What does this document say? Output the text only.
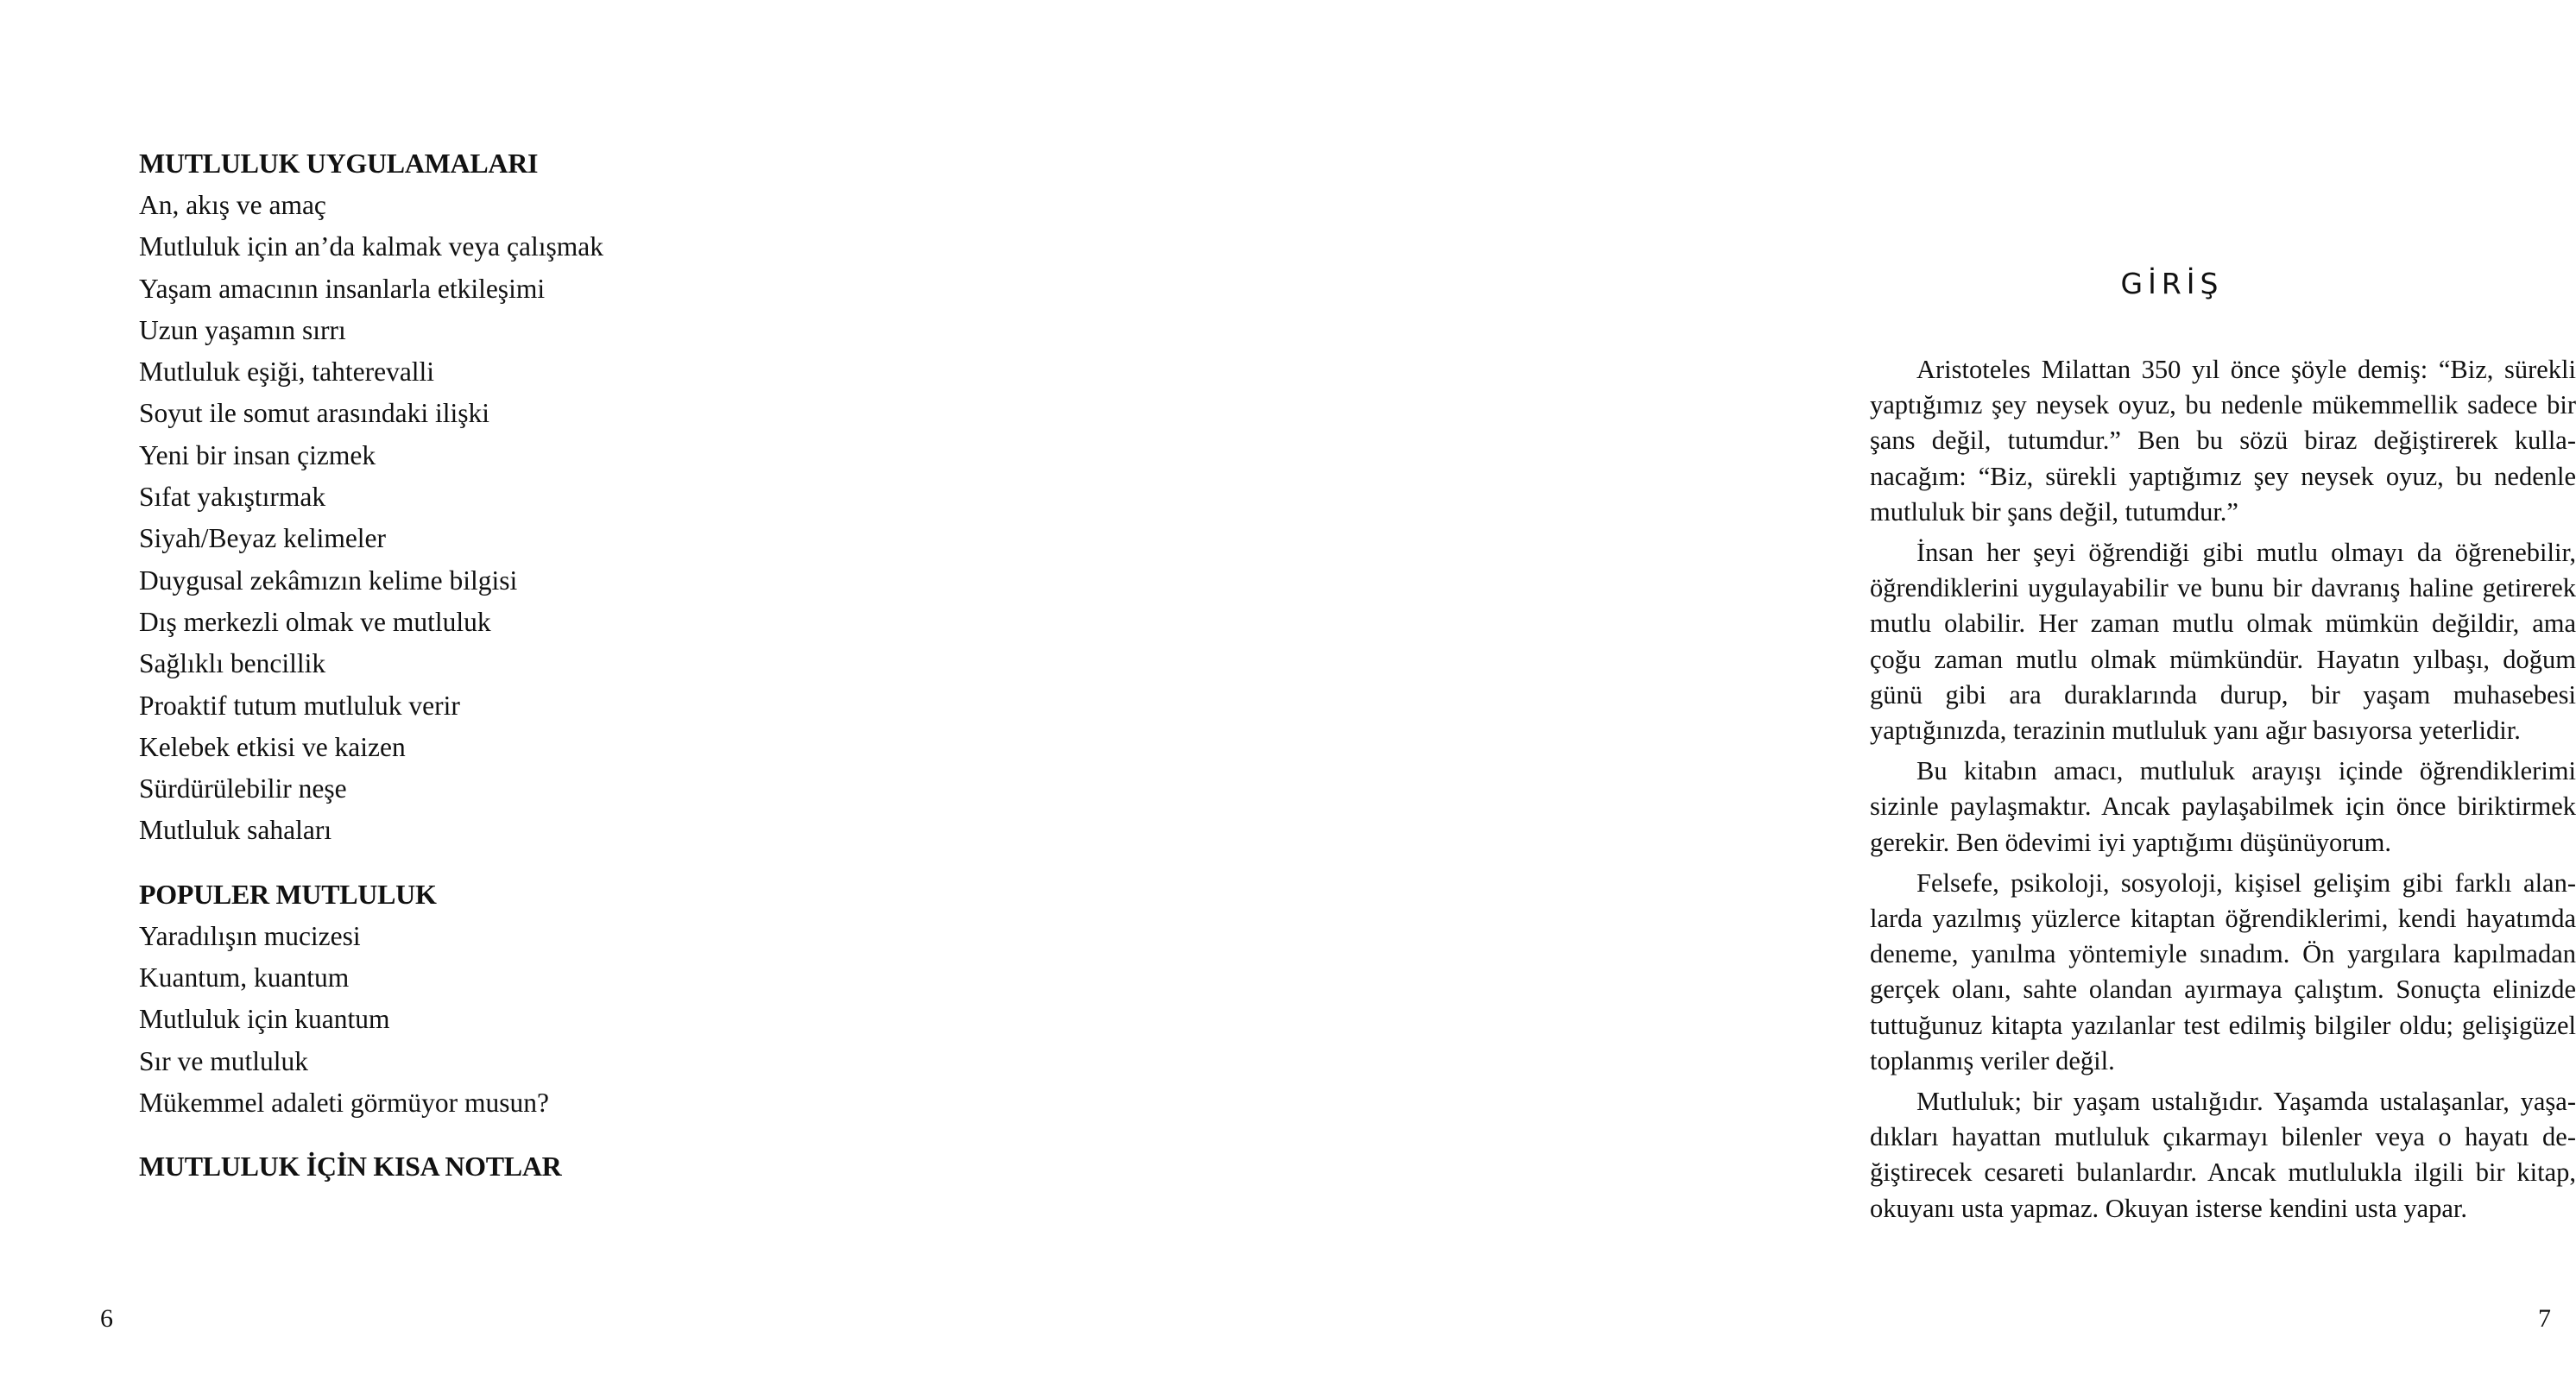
MUTLULUK UYGULAMALARI
An, akış ve amaç
Mutluluk için an’da kalmak veya çalışmak
Yaşam amacının insanlarla etkileşimi
Uzun yaşamın sırrı
Mutluluk eşiği, tahterevalli
Soyut ile somut arasındaki ilişki
Yeni bir insan çizmek
Sıfat yakıştırmak
Siyah/Beyaz kelimeler
Duygusal zekâmızın kelime bilgisi
Dış merkezli olmak ve mutluluk
Sağlıklı bencillik
Proaktif tutum mutluluk verir
Kelebek etkisi ve kaizen
Sürdürülebilir neşe
Mutluluk sahaları
POPULER MUTLULUK
Yaradılışın mucizesi
Kuantum, kuantum
Mutluluk için kuantum
Sır ve mutluluk
Mükemmel adaleti görmüyor musun?
MUTLULUK İÇİN KISA NOTLAR
6
GİRİŞ

Aristoteles Milattan 350 yıl önce şöyle demiş: “Biz, sürekli yaptığımız şey neysek oyuz, bu nedenle mükemmellik sadece bir şans değil, tutumdur.” Ben bu sözü biraz değiştirerek kullanacağım: “Biz, sürekli yaptığımız şey neysek oyuz, bu nedenle mutluluk bir şans değil, tutumdur.”

İnsan her şeyi öğrendiği gibi mutlu olmayı da öğrenebilir, öğrendiklerini uygulayabilir ve bunu bir davranış haline getirerek mutlu olabilir. Her zaman mutlu olmak mümkün değildir, ama çoğu zaman mutlu olmak mümkündür. Hayatın yılbaşı, doğum günü gibi ara duraklarında durup, bir yaşam muhasebesi yaptığınızda, terazinin mutluluk yanı ağır basıyorsa yeterlidir.

Bu kitabın amacı, mutluluk arayışı içinde öğrendiklerimi sizinle paylaşmaktır. Ancak paylaşabilmek için önce biriktirmek gerekir. Ben ödevimi iyi yaptığımı düşünüyorum.

Felsefe, psikoloji, sosyoloji, kişisel gelişim gibi farklı alanlarda yazılmış yüzlerce kitaptan öğrendiklerimi, kendi hayatımda deneme, yanılma yöntemiyle sınadım. Ön yargılara kapılmadan gerçek olanı, sahte olandan ayırmaya çalıştım. Sonuçta elinizde tuttuğunuz kitapta yazılanlar test edilmiş bilgiler oldu; gelişigüzel toplanmış veriler değil.

Mutluluk; bir yaşam ustalığıdır. Yaşamda ustalaşanlar, yaşadıkları hayattan mutluluk çıkarmayı bilenler veya o hayatı değiştirecek cesareti bulanlardır. Ancak mutlulukla ilgili bir kitap, okuyanı usta yapmaz. Okuyan isterse kendini usta yapar.

7
